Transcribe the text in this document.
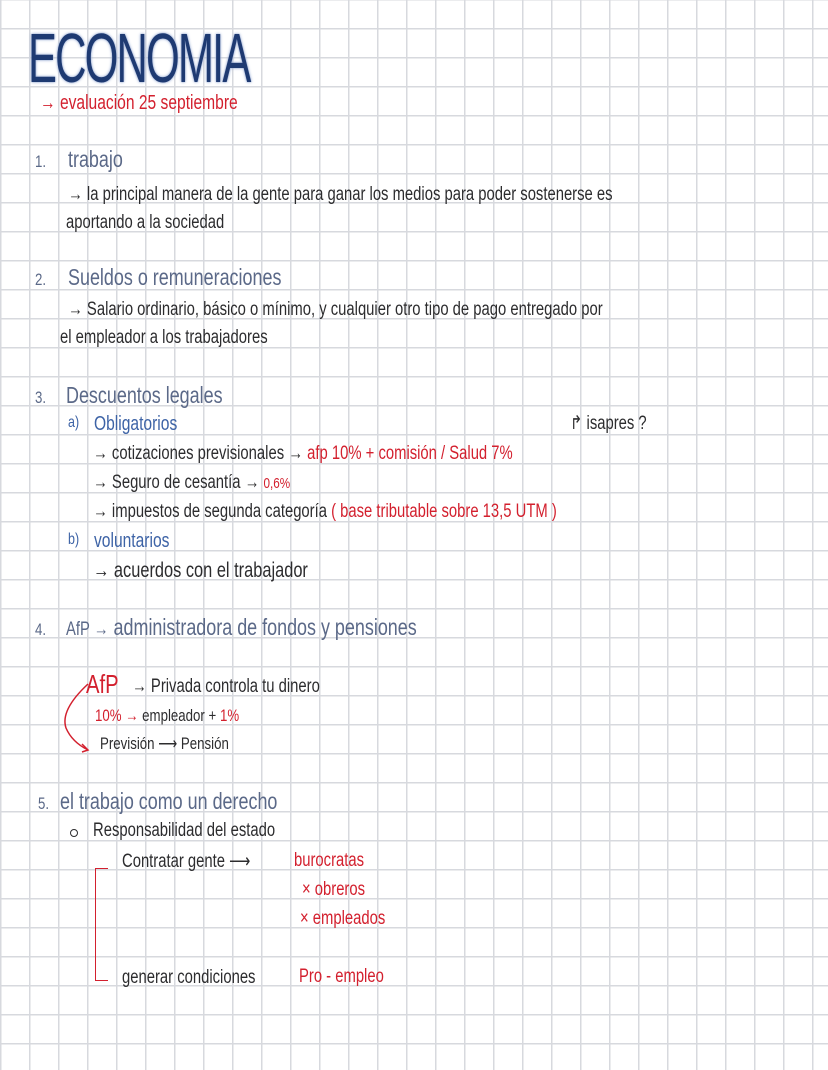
ECONOMIA
→ evaluación 25 septiembre
1. trabajo
→ la principal manera de la gente para ganar los medios para poder sostenerse es
aportando a la sociedad
2. Sueldos o remuneraciones
→ Salario ordinario, básico o mínimo, y cualquier otro tipo de pago entregado por
el empleador a los trabajadores
3. Descuentos legales
a) Obligatorios	↱ isapres ?
→ cotizaciones previsionales → afp 10% + comisión / Salud 7%
→ Seguro de cesantía → 0,6%
→ impuestos de segunda categoría ( base tributable sobre 13,5 UTM )
b) voluntarios
→ acuerdos con el trabajador
4. AfP → administradora de fondos y pensiones
AfP → Privada controla tu dinero
10% → empleador + 1%
Previsión ⟶ Pensión
5. el trabajo como un derecho
Responsabilidad del estado
Contratar gente ⟶ burocratas
× obreros
× empleados
generar condiciones Pro - empleo
